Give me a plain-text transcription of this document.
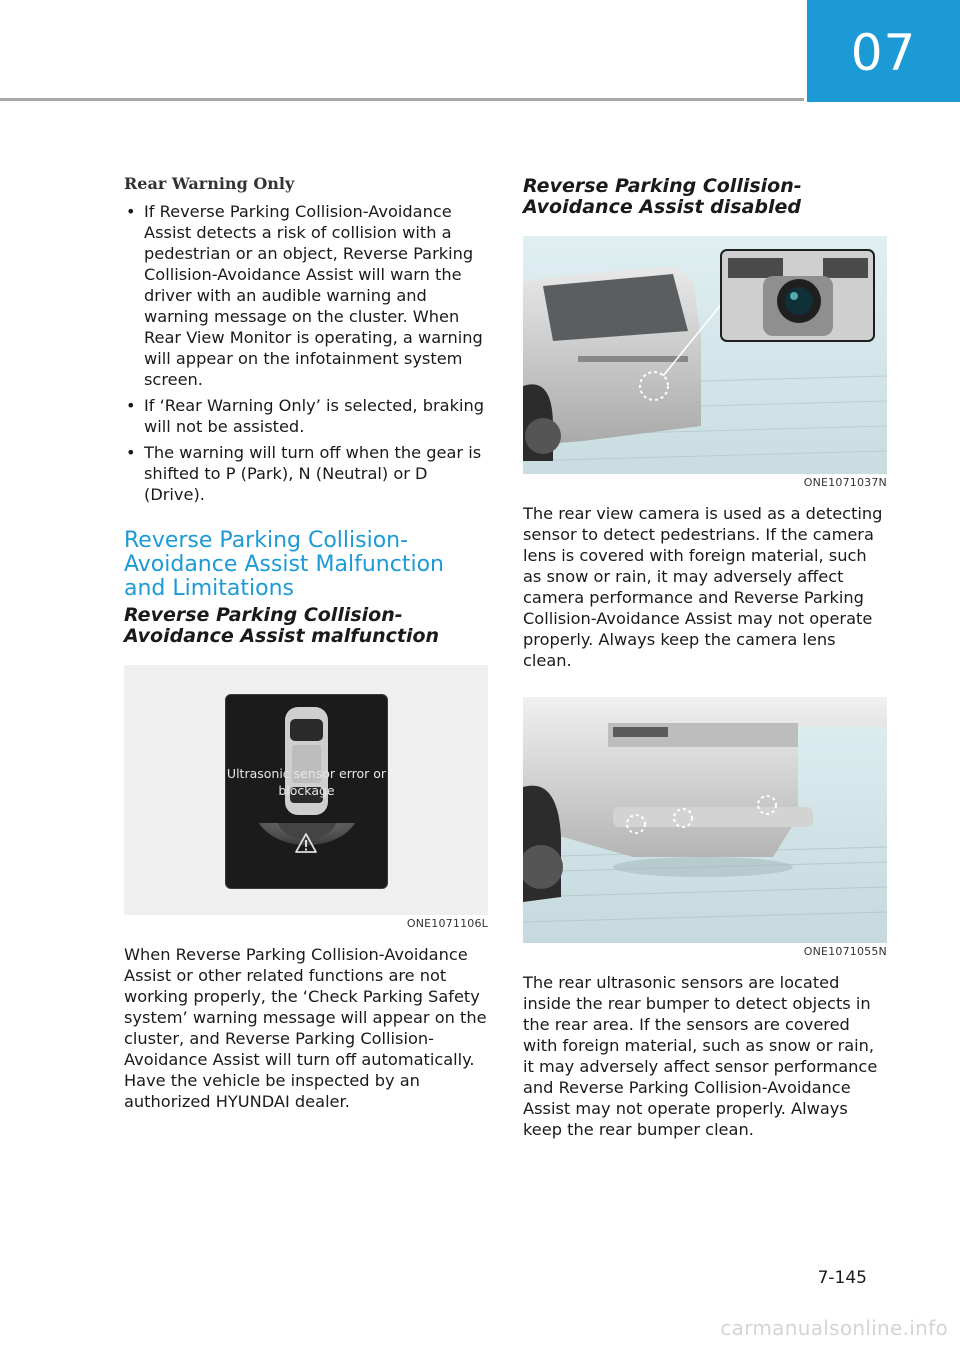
07
Rear Warning Only
• If Reverse Parking Collision-Avoidance Assist detects a risk of collision with a pedestrian or an object, Reverse Parking Collision-Avoidance Assist will warn the driver with an audible warning and warning message on the cluster. When Rear View Monitor is operating, a warning will appear on the infotainment system screen.
• If ‘Rear Warning Only’ is selected, braking will not be assisted.
• The warning will turn off when the gear is shifted to P (Park), N (Neutral) or D (Drive).
Reverse Parking Collision-Avoidance Assist Malfunction and Limitations
Reverse Parking Collision-Avoidance Assist malfunction
Ultrasonic sensor error or blockage
ONE1071106L

When Reverse Parking Collision-Avoidance Assist or other related functions are not working properly, the ‘Check Parking Safety system’ warning message will appear on the cluster, and Reverse Parking Collision-Avoidance Assist will turn off automatically.

Have the vehicle be inspected by an authorized HYUNDAI dealer.

Reverse Parking Collision-Avoidance Assist disabled
ONE1071037N

The rear view camera is used as a detecting sensor to detect pedestrians. If the camera lens is covered with foreign material, such as snow or rain, it may adversely affect camera performance and Reverse Parking Collision-Avoidance Assist may not operate properly. Always keep the camera lens clean.

ONE1071055N

The rear ultrasonic sensors are located inside the rear bumper to detect objects in the rear area. If the sensors are covered with foreign material, such as snow or rain, it may adversely affect sensor performance and Reverse Parking Collision-Avoidance Assist may not operate properly. Always keep the rear bumper clean.

7-145
carmanualsonline.info
